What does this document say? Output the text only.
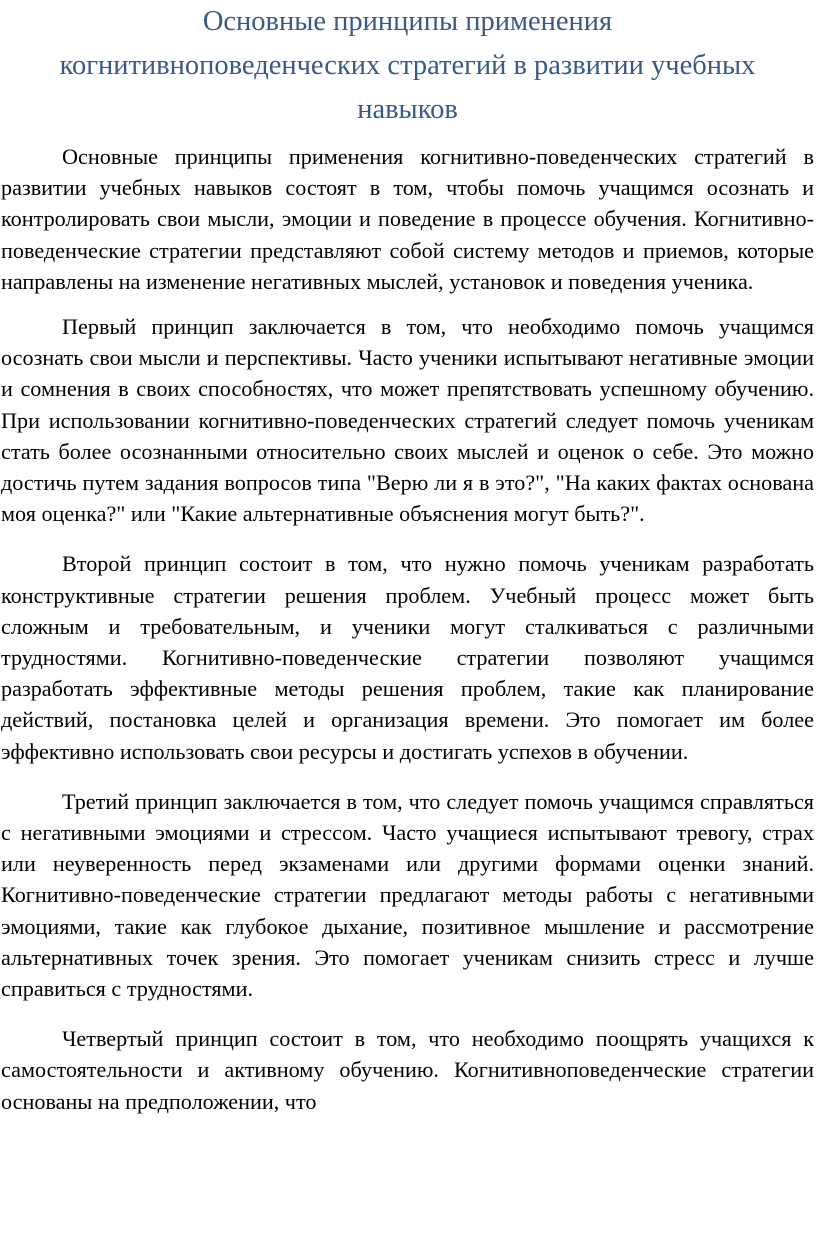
Основные принципы применения
когнитивноповеденческих стратегий в развитии учебных
навыков

Основные принципы применения когнитивно-поведенческих стратегий в развитии учебных навыков состоят в том, чтобы помочь учащимся осознать и контролировать свои мысли, эмоции и поведение в процессе обучения. Когнитивно-поведенческие стратегии представляют собой систему методов и приемов, которые направлены на изменение негативных мыслей, установок и поведения ученика.

Первый принцип заключается в том, что необходимо помочь учащимся осознать свои мысли и перспективы. Часто ученики испытывают негативные эмоции и сомнения в своих способностях, что может препятствовать успешному обучению. При использовании когнитивно-поведенческих стратегий следует помочь ученикам стать более осознанными относительно своих мыслей и оценок о себе. Это можно достичь путем задания вопросов типа "Верю ли я в это?", "На каких фактах основана моя оценка?" или "Какие альтернативные объяснения могут быть?".

Второй принцип состоит в том, что нужно помочь ученикам разработать конструктивные стратегии решения проблем. Учебный процесс может быть сложным и требовательным, и ученики могут сталкиваться с различными трудностями. Когнитивно-поведенческие стратегии позволяют учащимся разработать эффективные методы решения проблем, такие как планирование действий, постановка целей и организация времени. Это помогает им более эффективно использовать свои ресурсы и достигать успехов в обучении.

Третий принцип заключается в том, что следует помочь учащимся справляться с негативными эмоциями и стрессом. Часто учащиеся испытывают тревогу, страх или неуверенность перед экзаменами или другими формами оценки знаний. Когнитивно-поведенческие стратегии предлагают методы работы с негативными эмоциями, такие как глубокое дыхание, позитивное мышление и рассмотрение альтернативных точек зрения. Это помогает ученикам снизить стресс и лучше справиться с трудностями.

Четвертый принцип состоит в том, что необходимо поощрять учащихся к самостоятельности и активному обучению. Когнитивноповеденческие стратегии основаны на предположении, что
